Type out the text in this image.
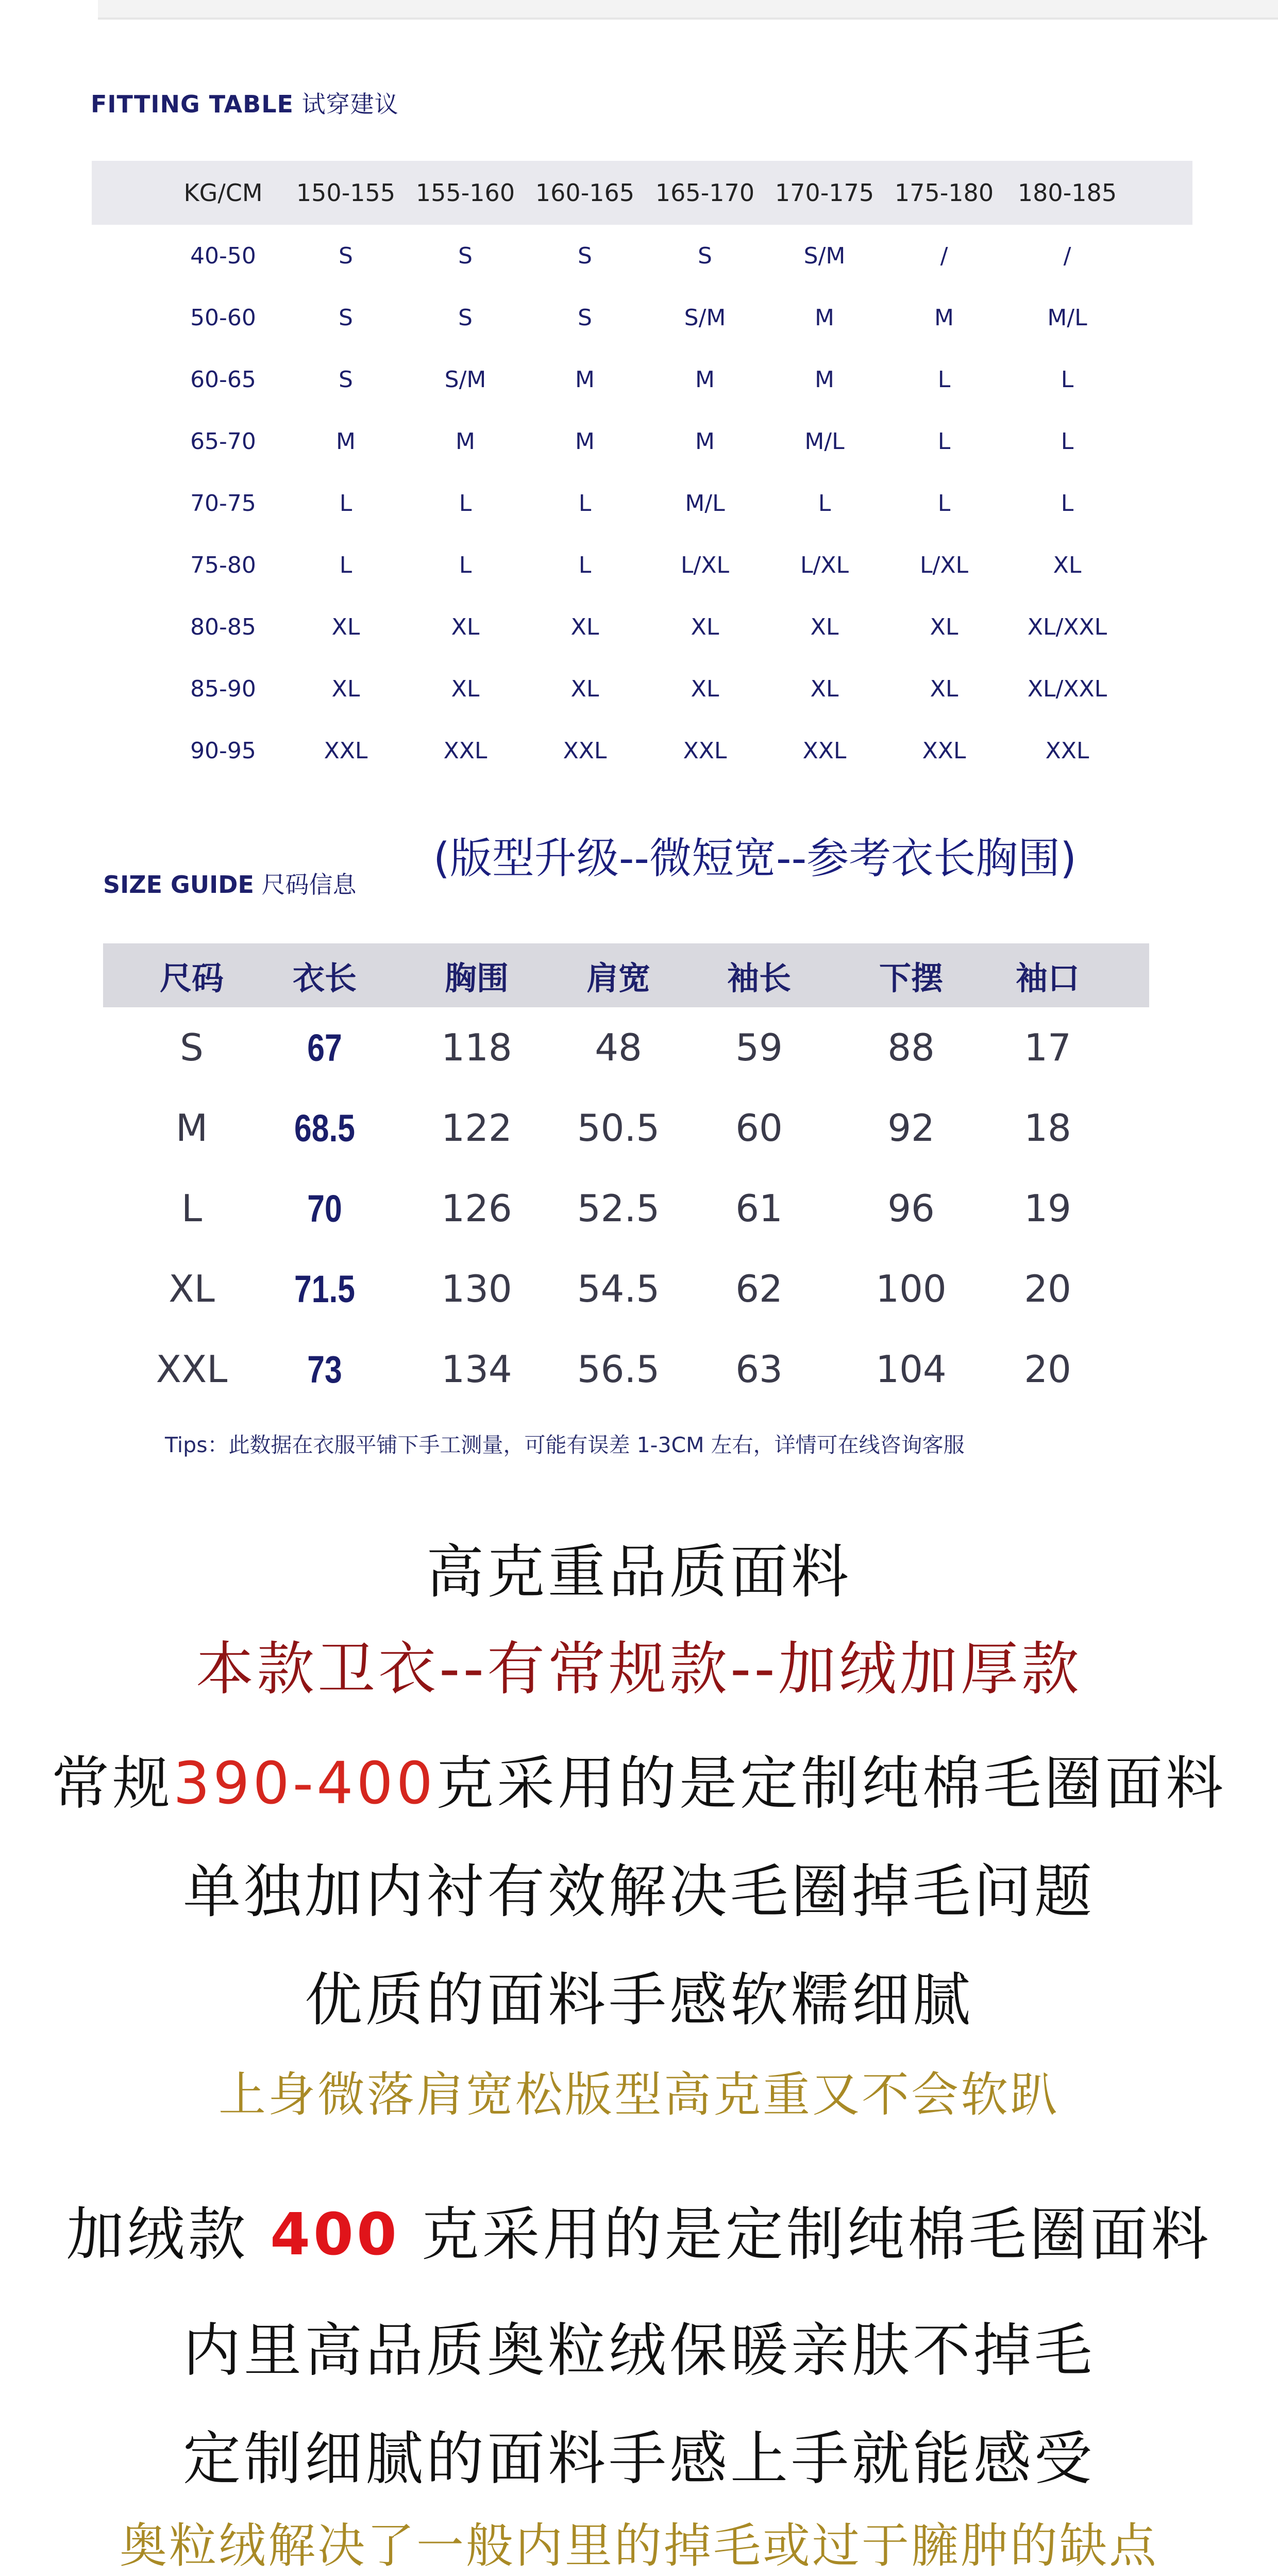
FITTING TABLE 试穿建议
KG/CM	150-155 155-160 160-165 165-170 170-175 175-180 180-185
40-50	S	S	S	S	S/M	/	/
50-60	S	S	S	S/M	M	M	M/L
60-65	S	S/M	M	M	M	L	L
65-70	M	M	M	M	M/L	L	L
70-75	L	L	L	M/L	L	L	L
75-80	L	L	L	L/XL	L/XL	L/XL	XL
80-85	XL	XL	XL	XL	XL	XL	XL/XXL
85-90	XL	XL	XL	XL	XL	XL	XL/XXL
90-95	XXL	XXL	XXL	XXL	XXL	XXL	XXL
(版型升级--微短宽--参考衣长胸围)
SIZE GUIDE 尺码信息
尺码	衣长	胸围	肩宽	袖长	下摆	袖口
S	67	118	48	59	88	17
M	68.5	122	50.5	60	92	18
L	70	126	52.5	61	96	19
XL	71.5	130	54.5	62	100	20
XXL	73	134	56.5	63	104	20
Tips：此数据在衣服平铺下手工测量，可能有误差 1-3CM 左右，详情可在线咨询客服
高克重品质面料
本款卫衣--有常规款--加绒加厚款
常规390-400克采用的是定制纯棉毛圈面料
单独加内衬有效解决毛圈掉毛问题
优质的面料手感软糯细腻
上身微落肩宽松版型高克重又不会软趴
加绒款 400 克采用的是定制纯棉毛圈面料
内里高品质奥粒绒保暖亲肤不掉毛
定制细腻的面料手感上手就能感受
奥粒绒解决了一般内里的掉毛或过于臃肿的缺点
